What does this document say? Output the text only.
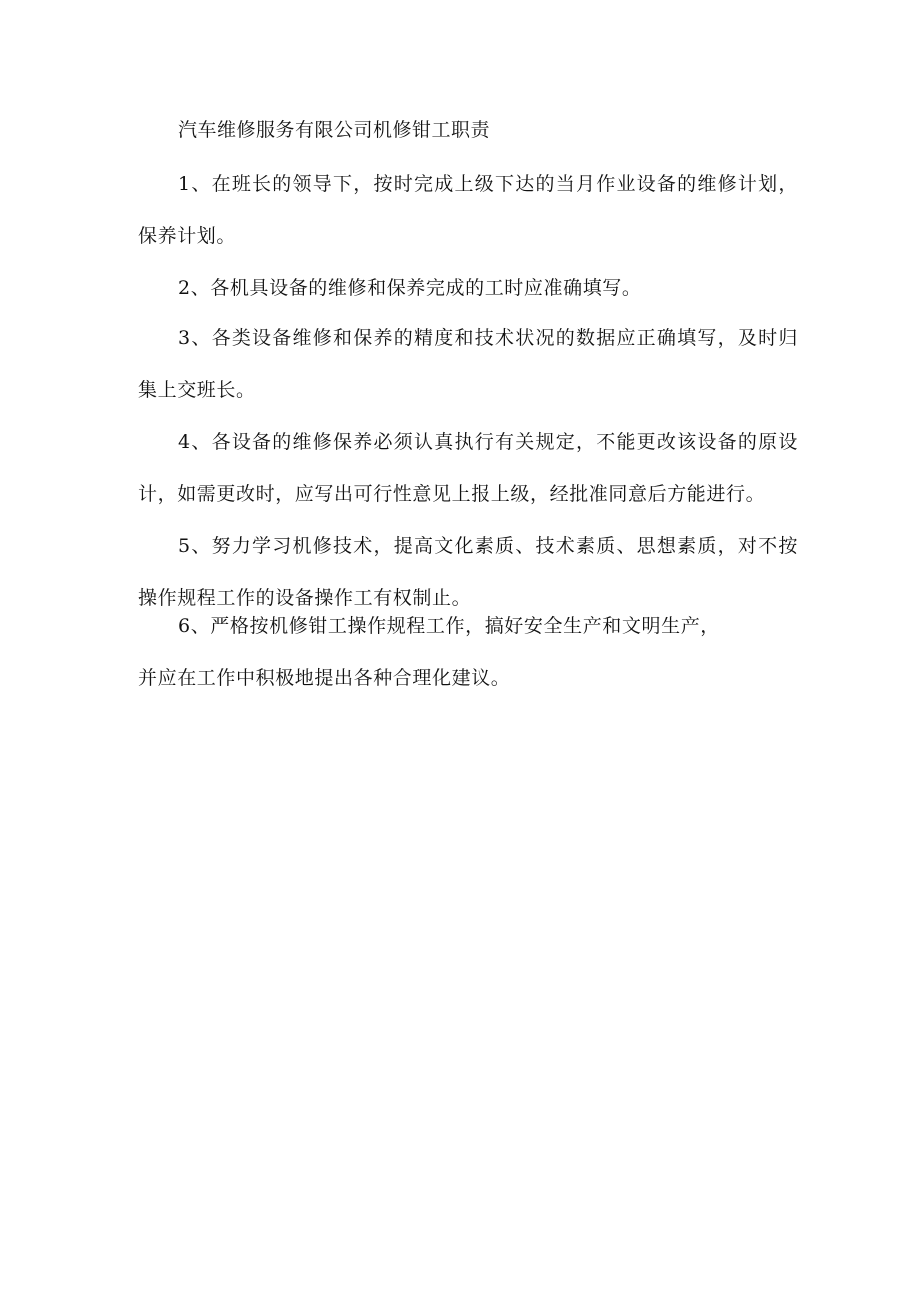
汽车维修服务有限公司机修钳工职责

1、在班长的领导下，按时完成上级下达的当月作业设备的维修计划，保养计划。

2、各机具设备的维修和保养完成的工时应准确填写。

3、各类设备维修和保养的精度和技术状况的数据应正确填写，及时归集上交班长。

4、各设备的维修保养必须认真执行有关规定，不能更改该设备的原设计，如需更改时，应写出可行性意见上报上级，经批准同意后方能进行。

5、努力学习机修技术，提高文化素质、技术素质、思想素质，对不按操作规程工作的设备操作工有权制止。

6、严格按机修钳工操作规程工作，搞好安全生产和文明生产，
并应在工作中积极地提出各种合理化建议。
